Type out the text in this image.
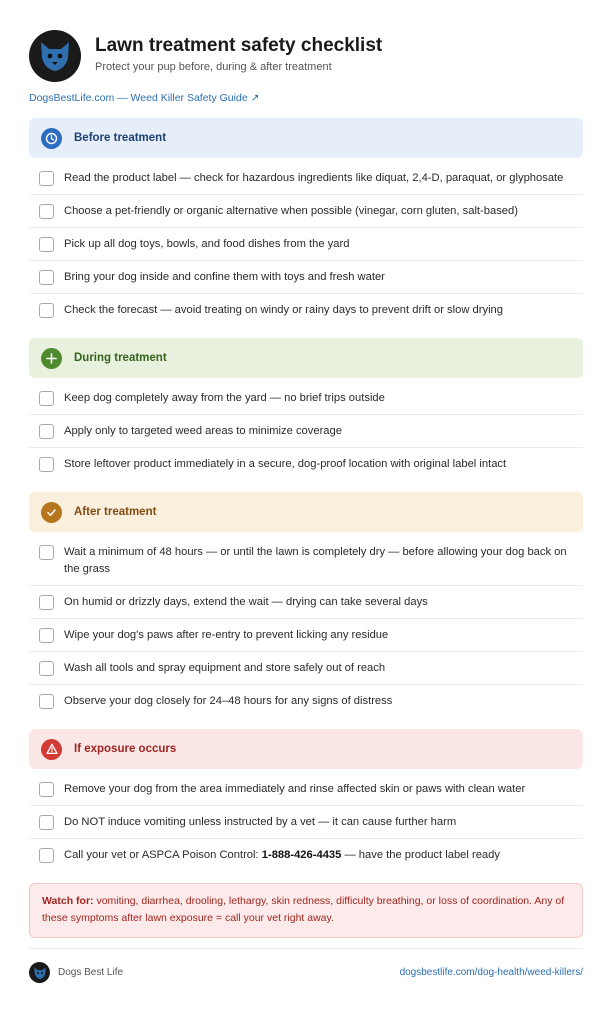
Lawn treatment safety checklist
Protect your pup before, during & after treatment
DogsBestLife.com — Weed Killer Safety Guide ↗
Before treatment
Read the product label — check for hazardous ingredients like diquat, 2,4-D, paraquat, or glyphosate
Choose a pet-friendly or organic alternative when possible (vinegar, corn gluten, salt-based)
Pick up all dog toys, bowls, and food dishes from the yard
Bring your dog inside and confine them with toys and fresh water
Check the forecast — avoid treating on windy or rainy days to prevent drift or slow drying
During treatment
Keep dog completely away from the yard — no brief trips outside
Apply only to targeted weed areas to minimize coverage
Store leftover product immediately in a secure, dog-proof location with original label intact
After treatment
Wait a minimum of 48 hours — or until the lawn is completely dry — before allowing your dog back on the grass
On humid or drizzly days, extend the wait — drying can take several days
Wipe your dog's paws after re-entry to prevent licking any residue
Wash all tools and spray equipment and store safely out of reach
Observe your dog closely for 24–48 hours for any signs of distress
If exposure occurs
Remove your dog from the area immediately and rinse affected skin or paws with clean water
Do NOT induce vomiting unless instructed by a vet — it can cause further harm
Call your vet or ASPCA Poison Control: 1-888-426-4435 — have the product label ready
Watch for: vomiting, diarrhea, drooling, lethargy, skin redness, difficulty breathing, or loss of coordination. Any of these symptoms after lawn exposure = call your vet right away.
Dogs Best Life	dogsbestlife.com/dog-health/weed-killers/
